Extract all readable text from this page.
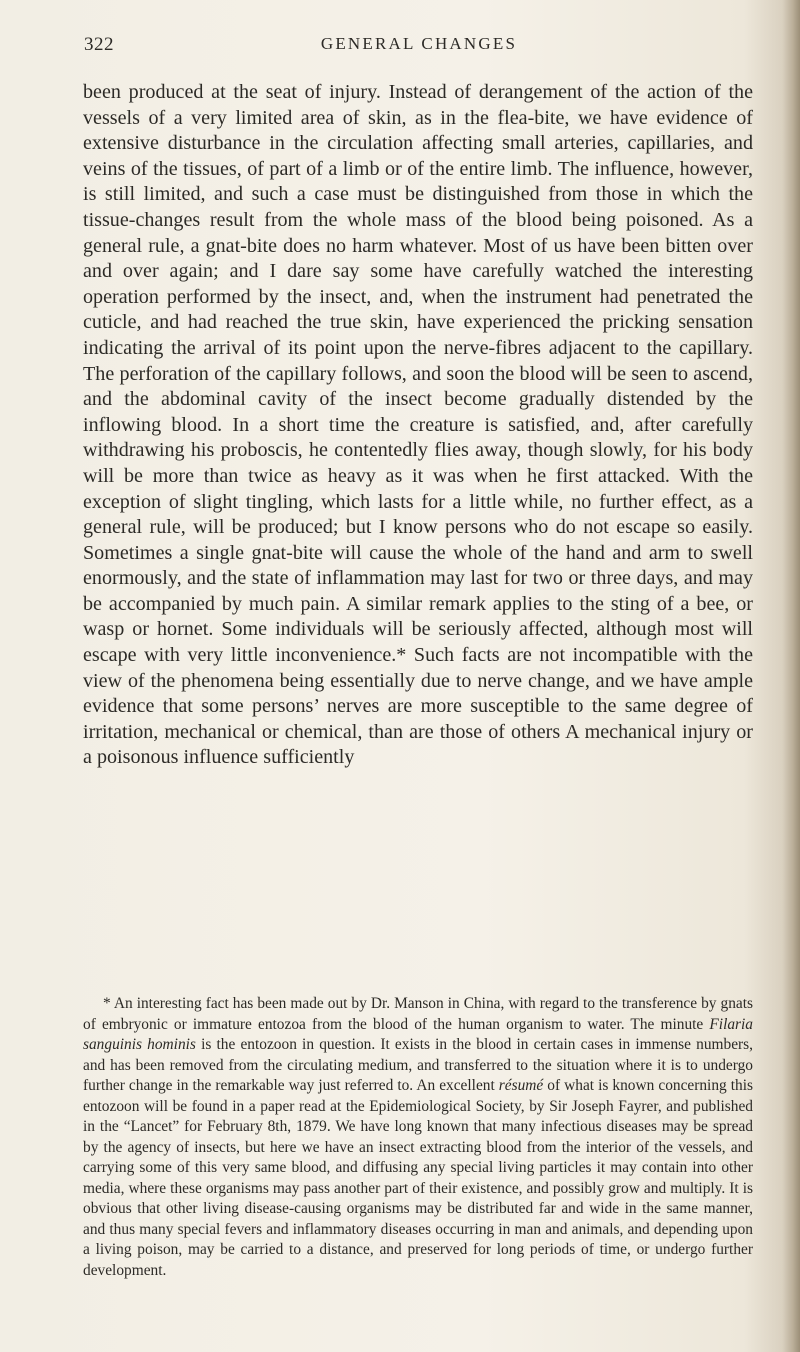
322	GENERAL CHANGES

been produced at the seat of injury. Instead of derangement of the action of the vessels of a very limited area of skin, as in the flea-bite, we have evidence of extensive disturbance in the circulation affecting small arteries, capillaries, and veins of the tissues, of part of a limb or of the entire limb. The influence, however, is still limited, and such a case must be distinguished from those in which the tissue-changes result from the whole mass of the blood being poisoned. As a general rule, a gnat-bite does no harm whatever. Most of us have been bitten over and over again; and I dare say some have carefully watched the interesting operation performed by the insect, and, when the instrument had penetrated the cuticle, and had reached the true skin, have experienced the pricking sensation indicating the arrival of its point upon the nerve-fibres adjacent to the capillary. The perforation of the capillary follows, and soon the blood will be seen to ascend, and the abdominal cavity of the insect become gradually distended by the inflowing blood. In a short time the creature is satisfied, and, after carefully withdrawing his proboscis, he contentedly flies away, though slowly, for his body will be more than twice as heavy as it was when he first attacked. With the exception of slight tingling, which lasts for a little while, no further effect, as a general rule, will be produced; but I know persons who do not escape so easily. Sometimes a single gnat-bite will cause the whole of the hand and arm to swell enormously, and the state of inflammation may last for two or three days, and may be accompanied by much pain. A similar remark applies to the sting of a bee, or wasp or hornet. Some individuals will be seriously affected, although most will escape with very little inconvenience.* Such facts are not incompatible with the view of the phenomena being essentially due to nerve change, and we have ample evidence that some persons’ nerves are more susceptible to the same degree of irritation, mechanical or chemical, than are those of others A mechanical injury or a poisonous influence sufficiently

* An interesting fact has been made out by Dr. Manson in China, with regard to the transference by gnats of embryonic or immature entozoa from the blood of the human organism to water. The minute Filaria sanguinis hominis is the entozoon in question. It exists in the blood in certain cases in immense numbers, and has been removed from the circulating medium, and transferred to the situation where it is to undergo further change in the remarkable way just referred to. An excellent résumé of what is known concerning this entozoon will be found in a paper read at the Epidemiological Society, by Sir Joseph Fayrer, and published in the “Lancet” for February 8th, 1879. We have long known that many infectious diseases may be spread by the agency of insects, but here we have an insect extracting blood from the interior of the vessels, and carrying some of this very same blood, and diffusing any special living particles it may contain into other media, where these organisms may pass another part of their existence, and possibly grow and multiply. It is obvious that other living disease-causing organisms may be distributed far and wide in the same manner, and thus many special fevers and inflammatory diseases occurring in man and animals, and depending upon a living poison, may be carried to a distance, and preserved for long periods of time, or undergo further development.
